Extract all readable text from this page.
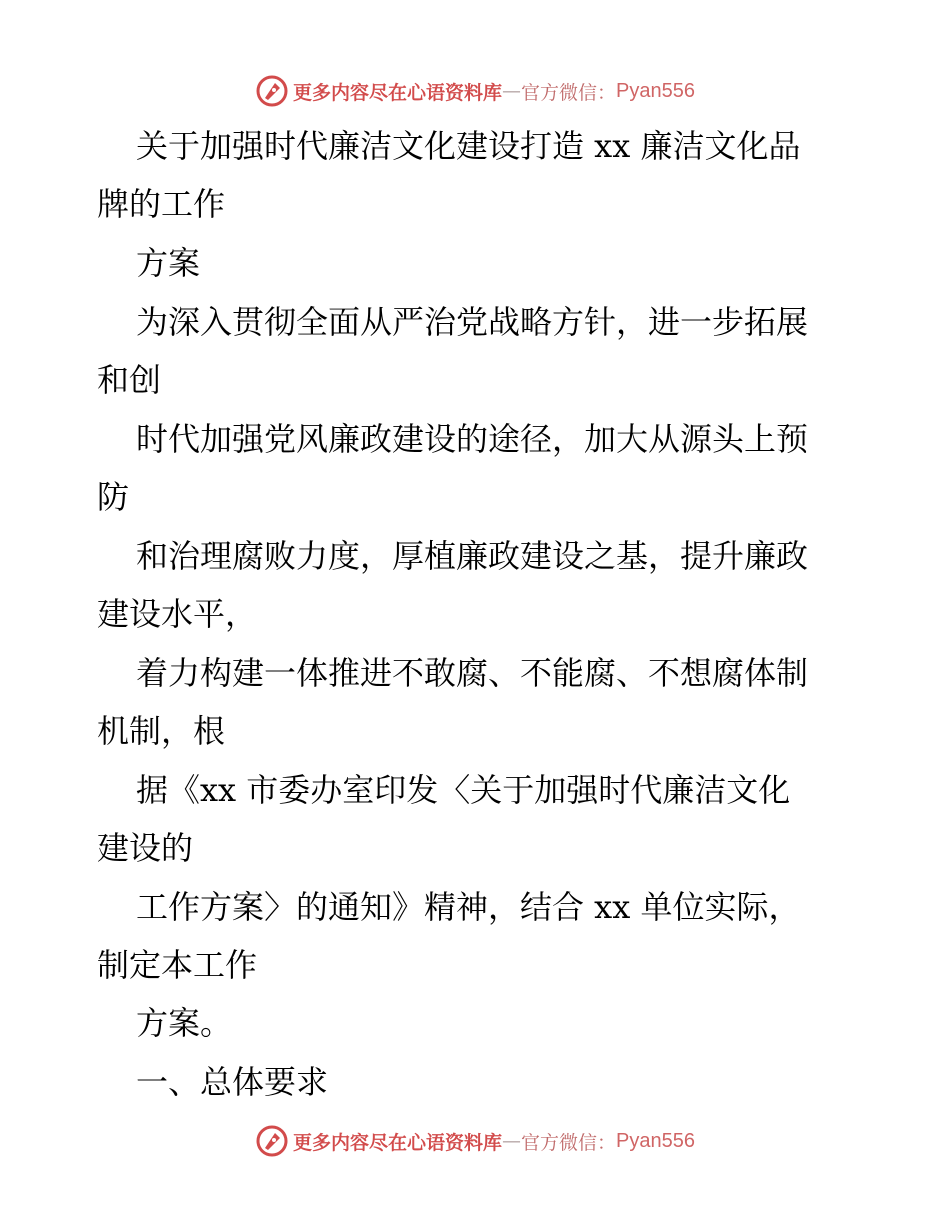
更多内容尽在心语资料库 — 官方微信： Pyan556
关于加强时代廉洁文化建设打造 xx 廉洁文化品
牌的工作
方案
为深入贯彻全面从严治党战略方针，进一步拓展
和创
时代加强党风廉政建设的途径，加大从源头上预
防
和治理腐败力度，厚植廉政建设之基，提升廉政
建设水平，
着力构建一体推进不敢腐、不能腐、不想腐体制
机制，根
据《xx 市委办室印发〈关于加强时代廉洁文化
建设的
工作方案〉的通知》精神，结合 xx 单位实际，
制定本工作
方案。
一、总体要求
更多内容尽在心语资料库 — 官方微信： Pyan556
